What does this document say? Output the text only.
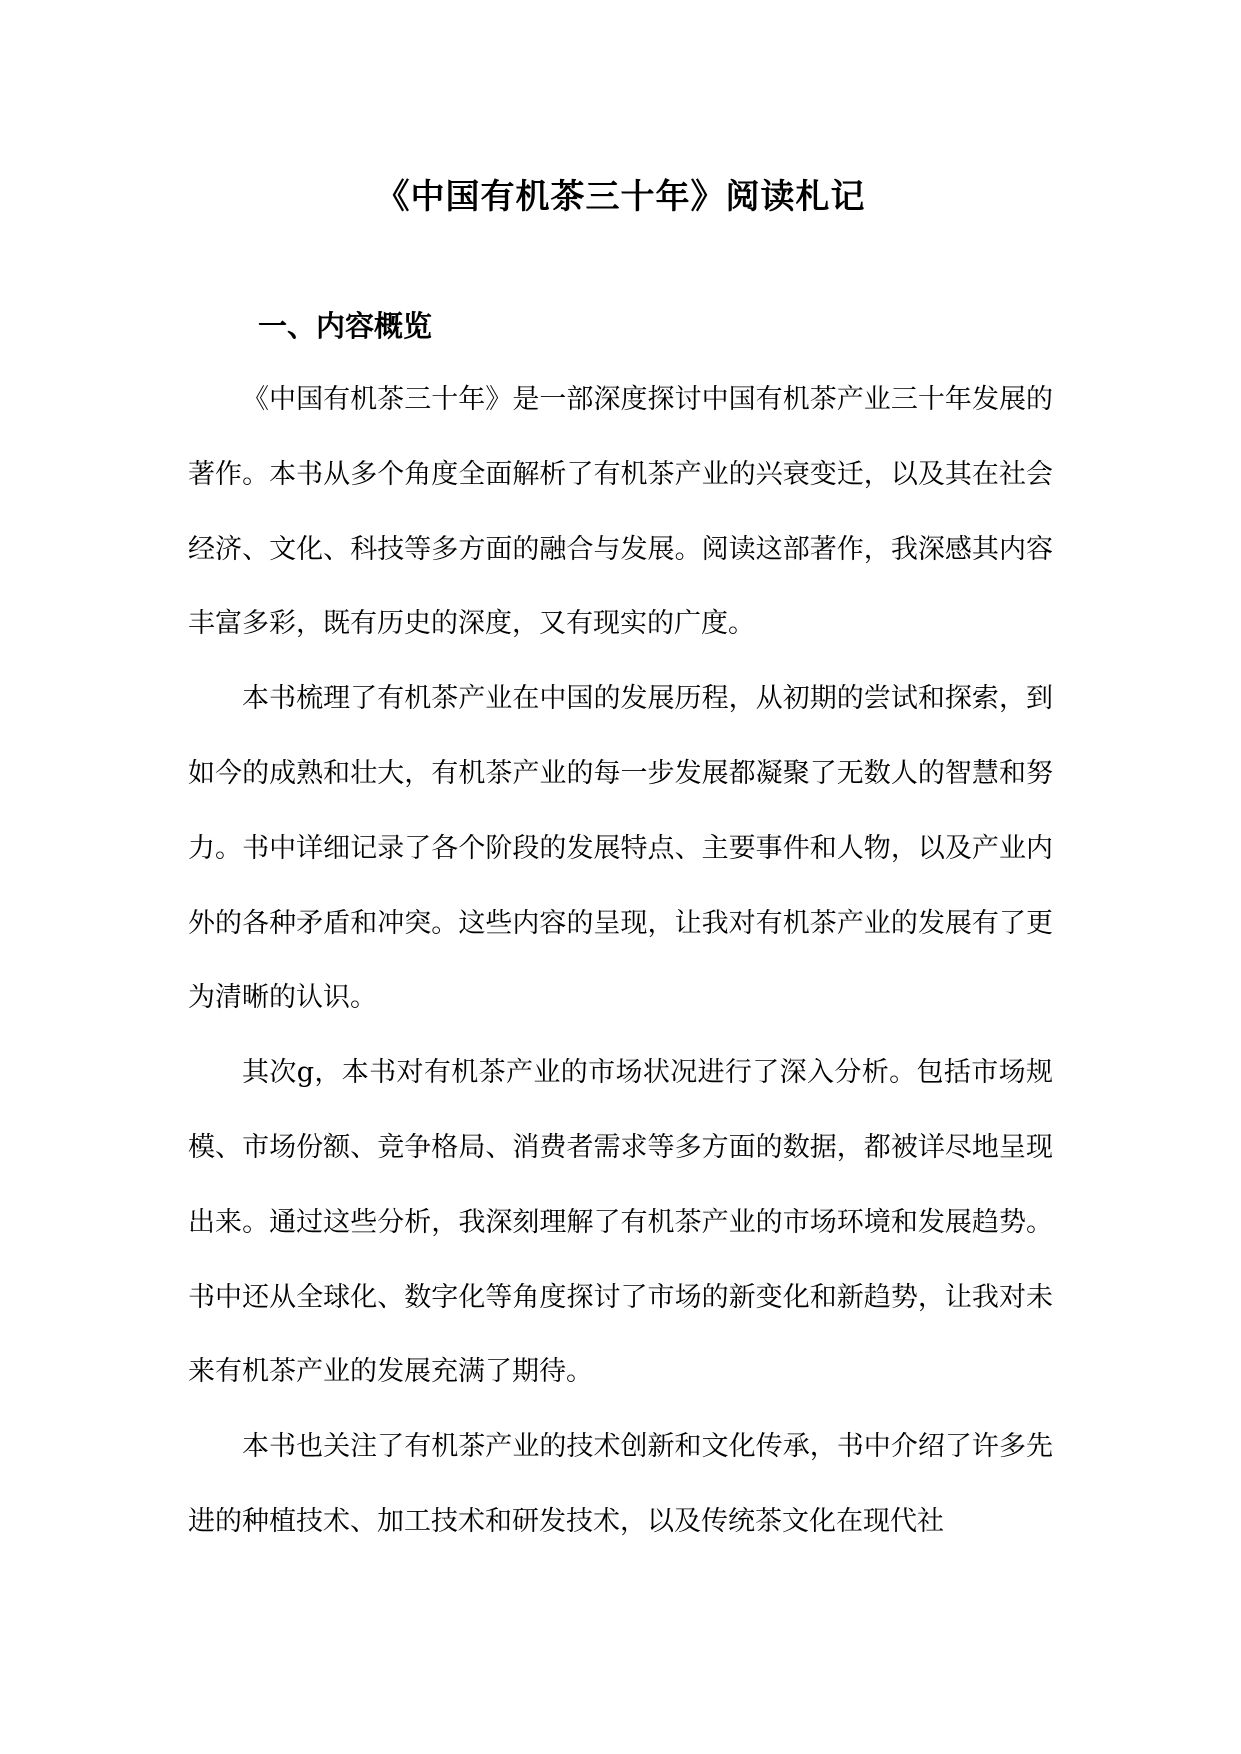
《中国有机茶三十年》阅读札记
一、内容概览

《中国有机茶三十年》是一部深度探讨中国有机茶产业三十年发展的著作。本书从多个角度全面解析了有机茶产业的兴衰变迁，以及其在社会经济、文化、科技等多方面的融合与发展。阅读这部著作，我深感其内容丰富多彩，既有历史的深度，又有现实的广度。

本书梳理了有机茶产业在中国的发展历程，从初期的尝试和探索，到如今的成熟和壮大，有机茶产业的每一步发展都凝聚了无数人的智慧和努力。书中详细记录了各个阶段的发展特点、主要事件和人物，以及产业内外的各种矛盾和冲突。这些内容的呈现，让我对有机茶产业的发展有了更为清晰的认识。

其次g，本书对有机茶产业的市场状况进行了深入分析。包括市场规模、市场份额、竞争格局、消费者需求等多方面的数据，都被详尽地呈现出来。通过这些分析，我深刻理解了有机茶产业的市场环境和发展趋势。书中还从全球化、数字化等角度探讨了市场的新变化和新趋势，让我对未来有机茶产业的发展充满了期待。

本书也关注了有机茶产业的技术创新和文化传承，书中介绍了许多先进的种植技术、加工技术和研发技术，以及传统茶文化在现代社
